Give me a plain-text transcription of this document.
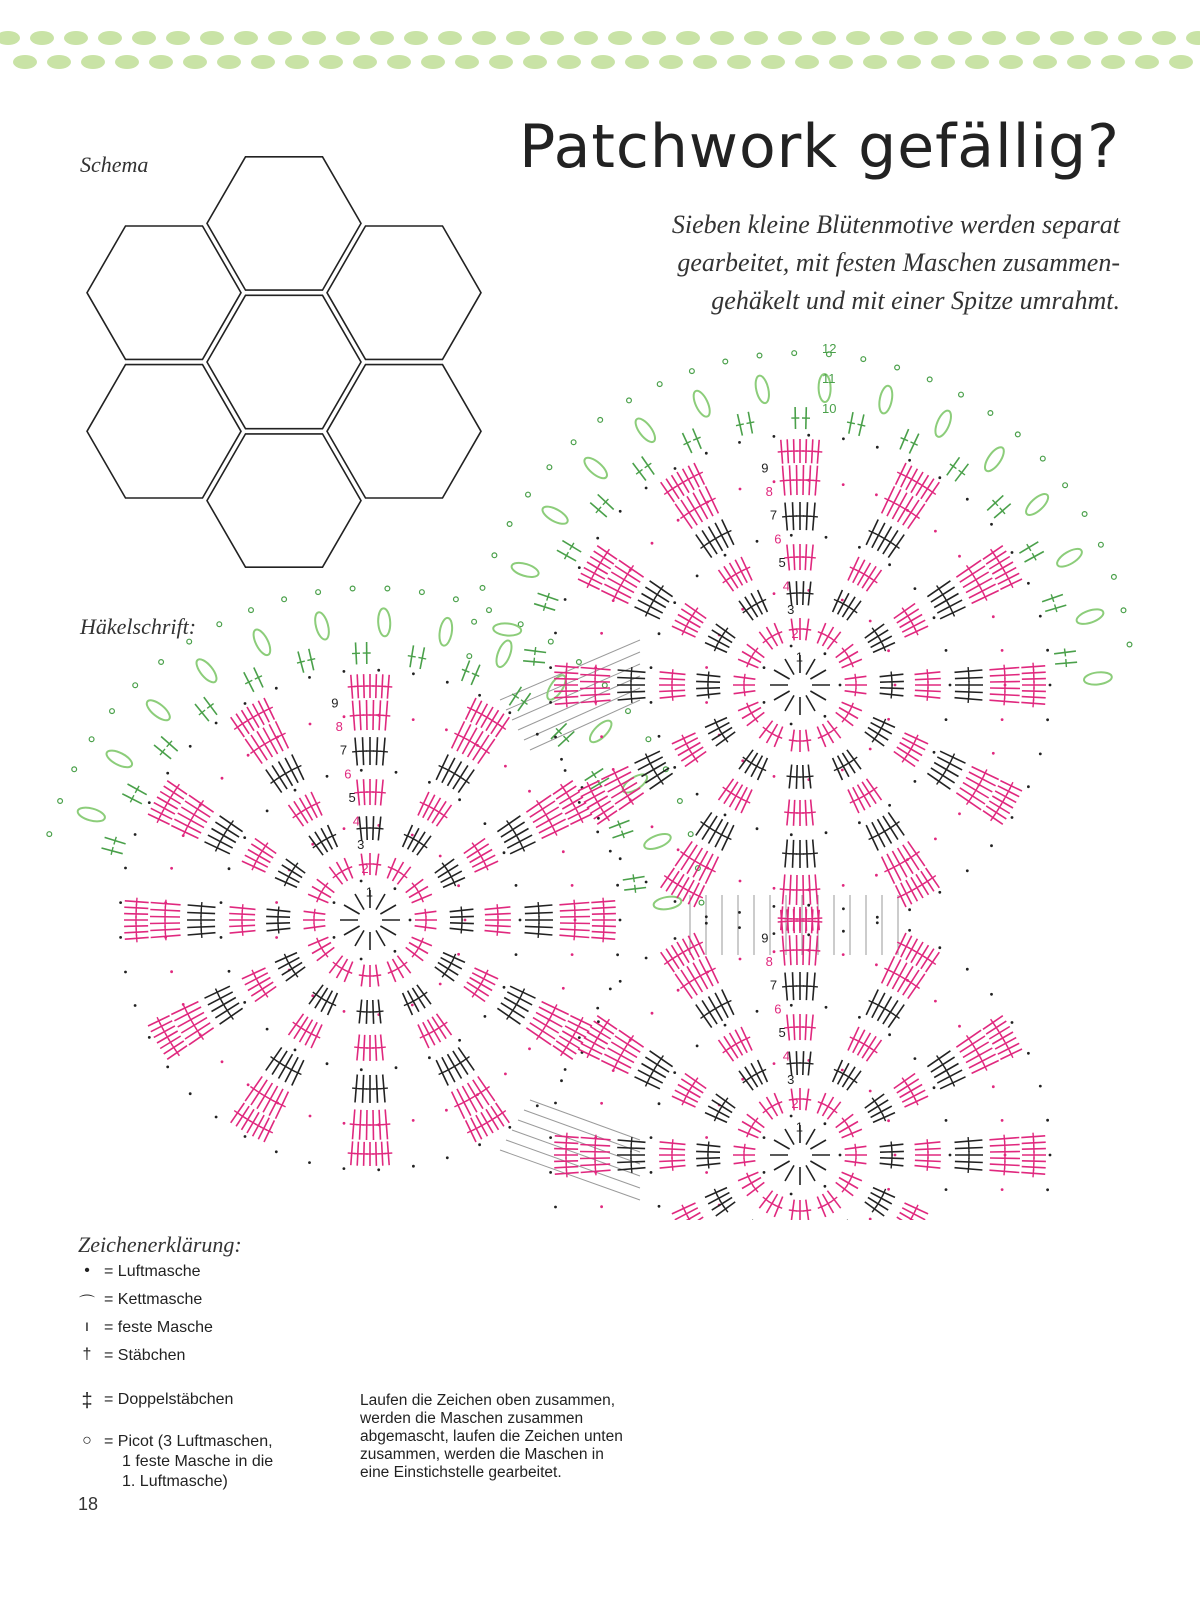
Patchwork gefällig?

Sieben kleine Blütenmotive werden separat
gearbeitet, mit festen Maschen zusammen-
gehäkelt und mit einer Spitze umrahmt.

Schema
Häkelschrift:
1
2
3
4
5
6
7
8
9
1
2
3
4
5
6
7
8
9
10
11
12
1
2
3
4
5
6
7
8
9
Zeichenerklärung:
• = Luftmasche
⌒ = Kettmasche
ı = feste Masche
† = Stäbchen
‡ = Doppelstäbchen
○ = Picot (3 Luftmaschen,
1 feste Masche in die
1. Luftmasche)
Laufen die Zeichen oben zusammen,
werden die Maschen zusammen
abgemascht, laufen die Zeichen unten
zusammen, werden die Maschen in
eine Einstichstelle gearbeitet.
18
